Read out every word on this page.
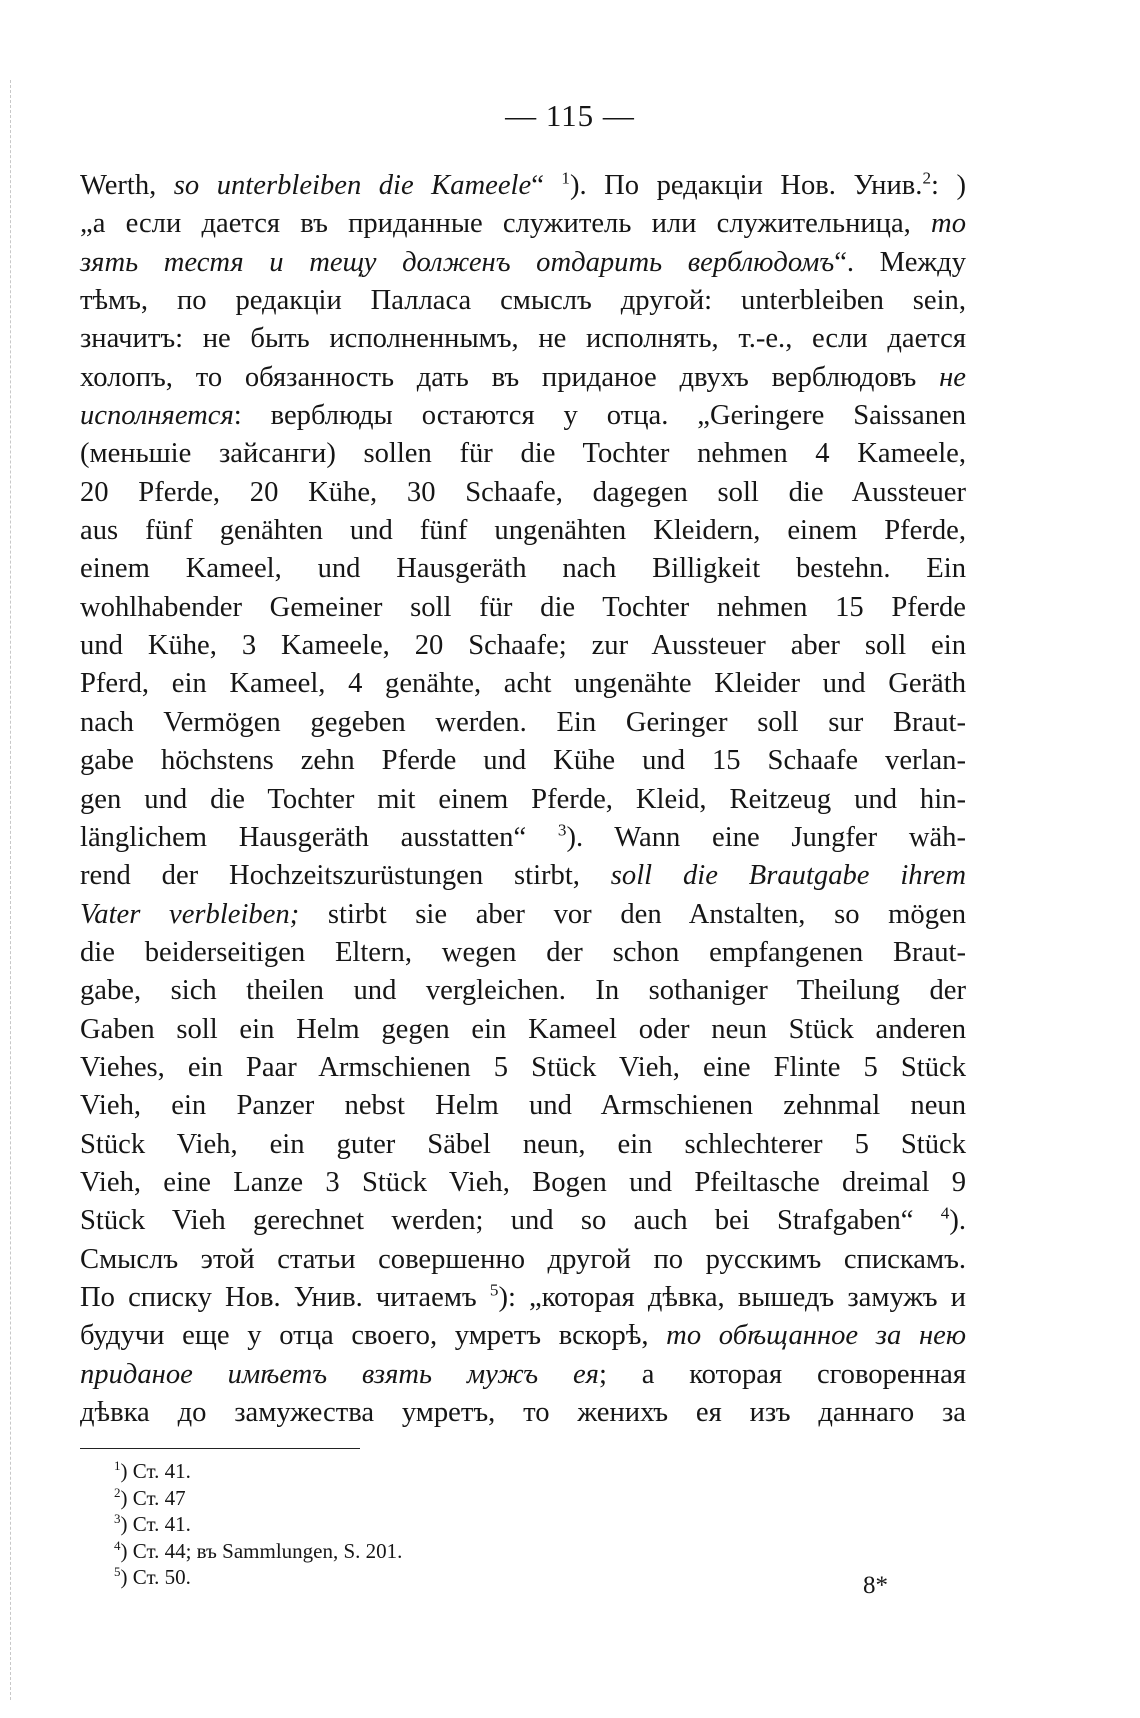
— 115 —
Werth, so unterbleiben die Kameele“ $^1$). По редакціи Нов. Унив.$^2$: )
„а если дается въ приданные служитель или служительница, то
зять тестя и тещу долженъ отдарить верблюдомъ“. Между
тѣмъ, по редакціи Палласа смыслъ другой: unterbleiben sein,
значитъ: не быть исполненнымъ, не исполнять, т.-е., если дается
холопъ, то обязанность дать въ приданое двухъ верблюдовъ не
исполняется: верблюды остаются у отца. „Geringere Saissanen
(меньшіе зайсанги) sollen für die Tochter nehmen 4 Kameele,
20 Pferde, 20 Kühe, 30 Schaafe, dagegen soll die Aussteuer
aus fünf genähten und fünf ungenähten Kleidern, einem Pferde,
einem Kameel, und Hausgeräth nach Billigkeit bestehn. Ein
wohlhabender Gemeiner soll für die Tochter nehmen 15 Pferde
und Kühe, 3 Kameele, 20 Schaafe; zur Aussteuer aber soll ein
Pferd, ein Kameel, 4 genähte, acht ungenähte Kleider und Geräth
nach Vermögen gegeben werden. Ein Geringer soll sur Braut-
gabe höchstens zehn Pferde und Kühe und 15 Schaafe verlan-
gen und die Tochter mit einem Pferde, Kleid, Reitzeug und hin-
länglichem Hausgeräth ausstatten“ $^3$). Wann eine Jungfer wäh-
rend der Hochzeitszurüstungen stirbt, soll die Brautgabe ihrem
Vater verbleiben; stirbt sie aber vor den Anstalten, so mögen
die beiderseitigen Eltern, wegen der schon empfangenen Braut-
gabe, sich theilen und vergleichen. In sothaniger Theilung der
Gaben soll ein Helm gegen ein Kameel oder neun Stück anderen
Viehes, ein Paar Armschienen 5 Stück Vieh, eine Flinte 5 Stück
Vieh, ein Panzer nebst Helm und Armschienen zehnmal neun
Stück Vieh, ein guter Säbel neun, ein schlechterer 5 Stück
Vieh, eine Lanze 3 Stück Vieh, Bogen und Pfeiltasche dreimal 9
Stück Vieh gerechnet werden; und so auch bei Strafgaben“ $^4$).
Смыслъ этой статьи совершенно другой по русскимъ спискамъ.
По списку Нов. Унив. читаемъ $^5$): „которая дѣвка, вышедъ замужъ и
будучи еще у отца своего, умретъ вскорѣ, то обѣщанное за нею
приданое имѣетъ взять мужъ ея; а которая сговоренная
дѣвка до замужества умретъ, то женихъ ея изъ даннаго за
$^1$) Ст. 41.
$^2$) Ст. 47
$^3$) Ст. 41.
$^4$) Ст. 44; въ Sammlungen, S. 201.
$^5$) Ст. 50.	8*
